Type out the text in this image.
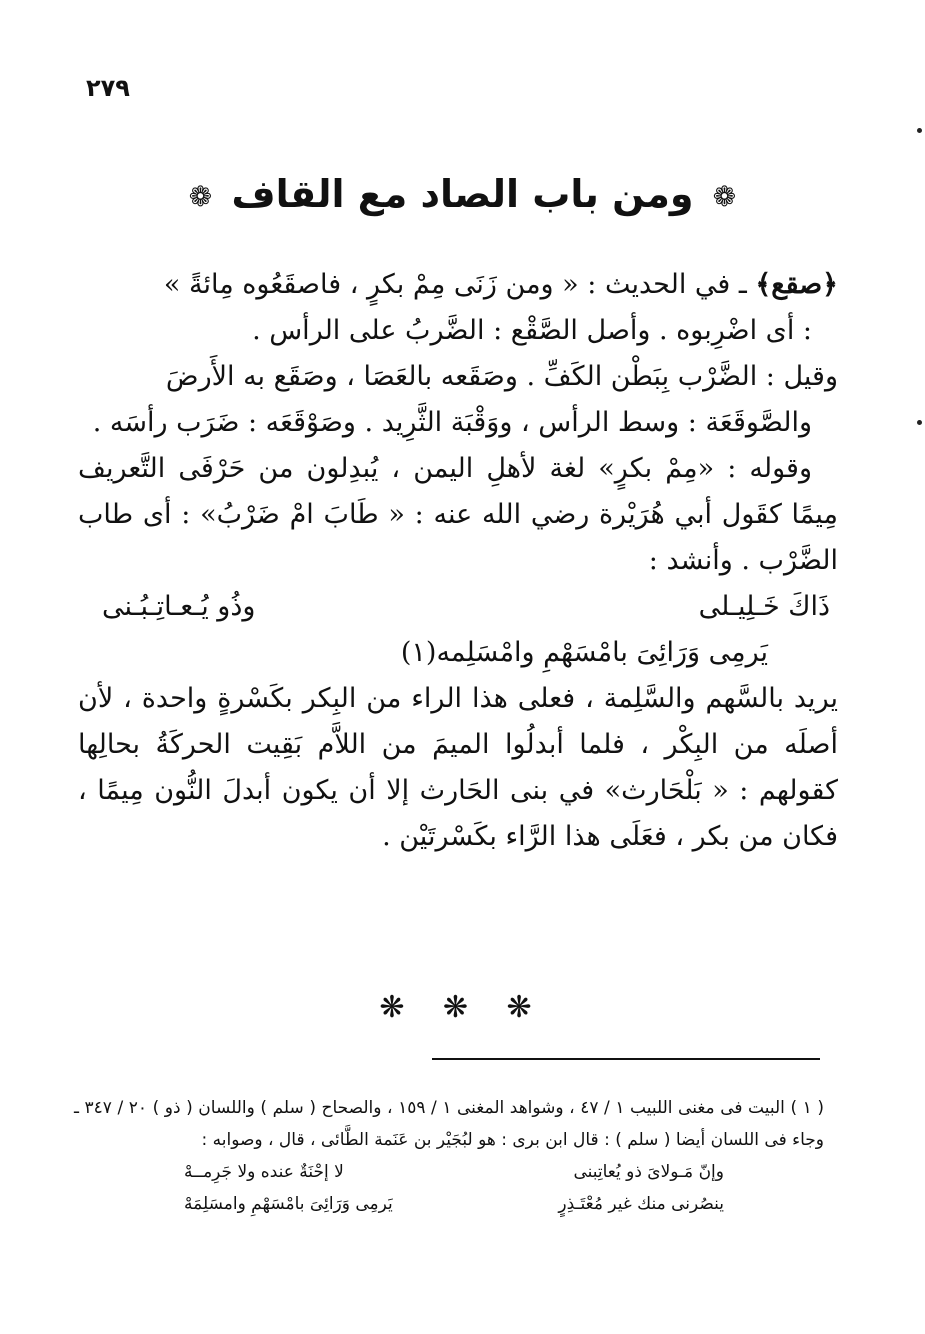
٢٧٩
❁ ومن باب الصاد مع القاف ❁

﴿صقع﴾ ـ في الحديث : « ومن زَنَى مِمْ بكرٍ ، فاصقَعُوه مِائةً »

: أى اضْرِبوه . وأصل الصَّقْع : الضَّربُ على الرأس .

وقيل : الضَّرْب بِبَطْن الكَفِّ . وصَقَعه بالعَصَا ، وصَقَع به الأَرضَ

والصَّوقَعَة : وسط الرأس ، ووَقْبَة الثَّرِيد . وصَوْقَعَه : ضَرَب رأسَه .

وقوله : «مِمْ بكرٍ» لغة لأهلِ اليمن ، يُبدِلون من حَرْفَى التَّعريف مِيمًا كقَول أبي هُرَيْرة رضي الله عنه : « طَابَ امْ ضَرْبُ» : أى طاب الضَّرْب . وأنشد :

ذَاكَ خَـلِيـلى
وذُو يُـعـاتِـبُـنى
يَرمِى وَرَائِىَ بامْسَهْمِ وامْسَلِمه(١)

يريد بالسَّهم والسَّلِمة ، فعلى هذا الراء من البِكر بكَسْرةٍ واحدة ، لأن أصلَه من البِكْر ، فلما أبدلُوا الميمَ من اللاَّم بَقِيت الحركَةُ بحالِها كقولهم : « بَلْحَارث» في بنى الحَارث إلا أن يكون أبدلَ النُّون مِيمًا ، فكان من بكر ، فعَلَى هذا الرَّاء بكَسْرتَيْن .

❋ ❋ ❋

( ١ ) البيت فى مغنى اللبيب ١ / ٤٧ ، وشواهد المغنى ١ / ١٥٩ ، والصحاح ( سلم ) واللسان ( ذو ) ٢٠ / ٣٤٧ ـ وجاء فى اللسان أيضا ( سلم ) : قال ابن برى : هو لبُجَيْر بن عَنَمة الطَّائى ، قال ، وصوابه :

وإنّ مَـولاىَ ذو يُعاتِبنى
لا إحْنَةٌ عنده ولا جَرِمــهْ
ينصُرنى منك غير مُعْتَـذِرٍ
يَرمِى وَرَائِىَ بامْسَهْمِ وامسَلِمَهْ
